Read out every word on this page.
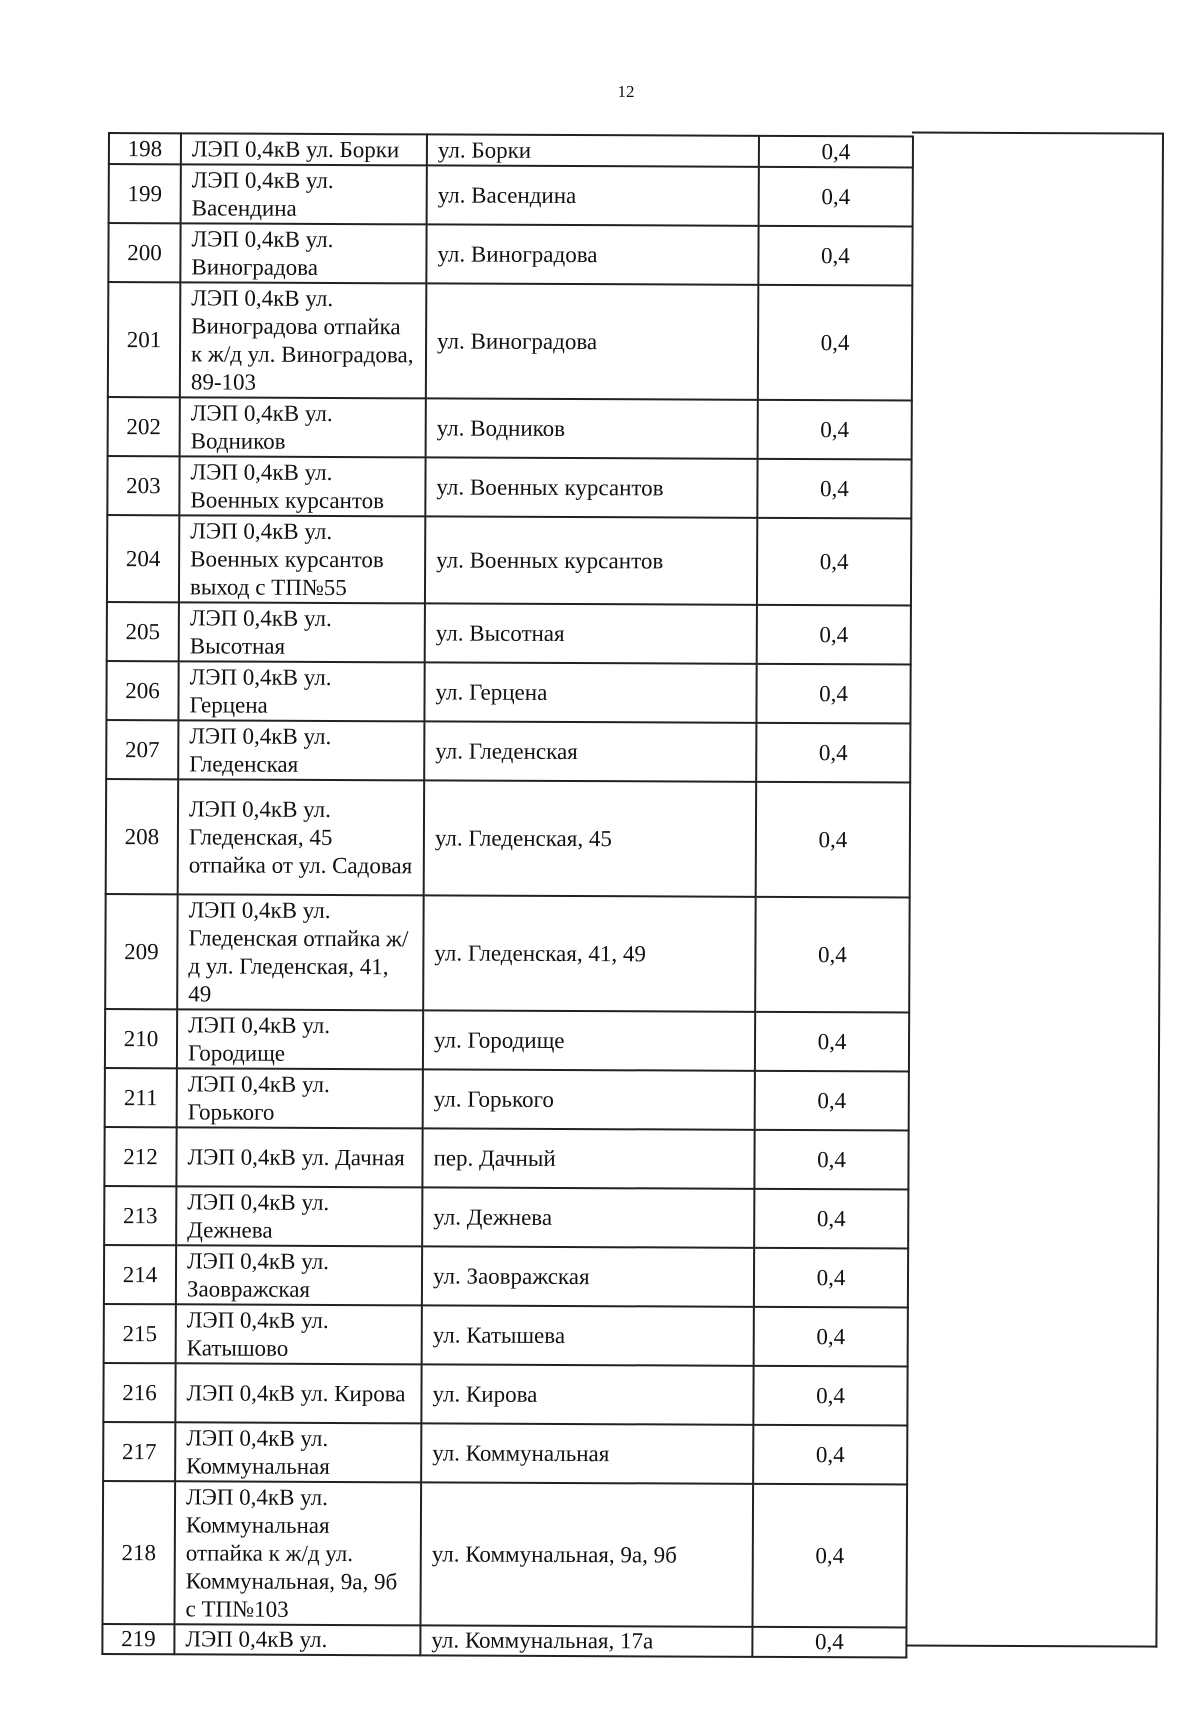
12
198	ЛЭП 0,4кВ ул. Борки	ул. Борки	0,4
199	ЛЭП 0,4кВ ул. Васендина	ул. Васендина	0,4
200	ЛЭП 0,4кВ ул. Виноградова	ул. Виноградова	0,4
201	ЛЭП 0,4кВ ул. Виноградова отпайка к ж/д ул. Виноградова, 89-103	ул. Виноградова	0,4
202	ЛЭП 0,4кВ ул. Водников	ул. Водников	0,4
203	ЛЭП 0,4кВ ул. Военных курсантов	ул. Военных курсантов	0,4
204	ЛЭП 0,4кВ ул. Военных курсантов выход с ТП№55	ул. Военных курсантов	0,4
205	ЛЭП 0,4кВ ул. Высотная	ул. Высотная	0,4
206	ЛЭП 0,4кВ ул. Герцена	ул. Герцена	0,4
207	ЛЭП 0,4кВ ул. Гледенская	ул. Гледенская	0,4
208	ЛЭП 0,4кВ ул. Гледенская, 45 отпайка от ул. Садовая	ул. Гледенская, 45	0,4
209	ЛЭП 0,4кВ ул. Гледенская отпайка ж/д ул. Гледенская, 41, 49	ул. Гледенская, 41, 49	0,4
210	ЛЭП 0,4кВ ул. Городище	ул. Городище	0,4
211	ЛЭП 0,4кВ ул. Горького	ул. Горького	0,4
212	ЛЭП 0,4кВ ул. Дачная	пер. Дачный	0,4
213	ЛЭП 0,4кВ ул. Дежнева	ул. Дежнева	0,4
214	ЛЭП 0,4кВ ул. Заовражская	ул. Заовражская	0,4
215	ЛЭП 0,4кВ ул. Катышово	ул. Катышева	0,4
216	ЛЭП 0,4кВ ул. Кирова	ул. Кирова	0,4
217	ЛЭП 0,4кВ ул. Коммунальная	ул. Коммунальная	0,4
218	ЛЭП 0,4кВ ул. Коммунальная отпайка к ж/д ул. Коммунальная, 9а, 9б с ТП№103	ул. Коммунальная, 9а, 9б	0,4
219	ЛЭП 0,4кВ ул.	ул. Коммунальная, 17а	0,4
